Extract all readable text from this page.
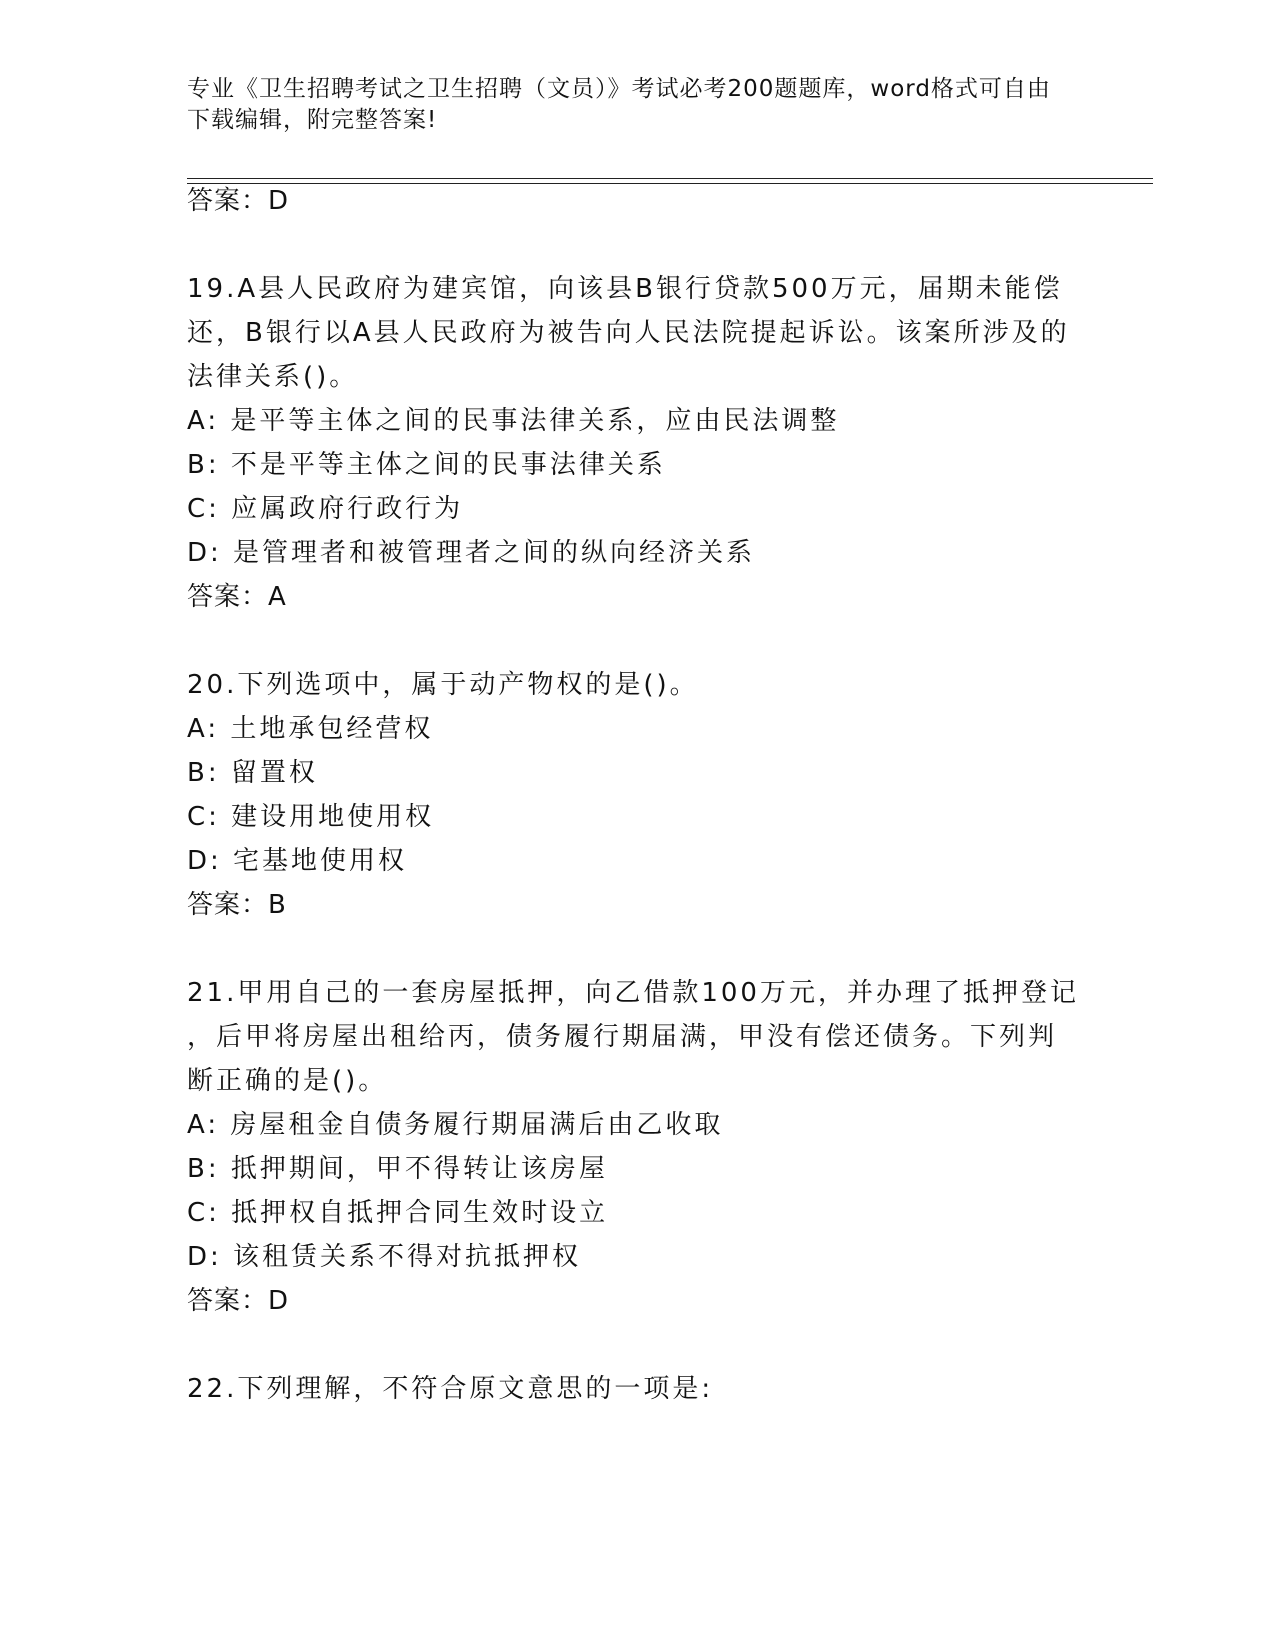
专业《卫生招聘考试之卫生招聘（文员）》考试必考200题题库，word格式可自由下载编辑，附完整答案!
答案：D
19.A县人民政府为建宾馆，向该县B银行贷款500万元，届期未能偿
还，B银行以A县人民政府为被告向人民法院提起诉讼。该案所涉及的
法律关系()。
A: 是平等主体之间的民事法律关系，应由民法调整
B: 不是平等主体之间的民事法律关系
C: 应属政府行政行为
D: 是管理者和被管理者之间的纵向经济关系
答案：A
20.下列选项中，属于动产物权的是()。
A: 土地承包经营权
B: 留置权
C: 建设用地使用权
D: 宅基地使用权
答案：B
21.甲用自己的一套房屋抵押，向乙借款100万元，并办理了抵押登记
，后甲将房屋出租给丙，债务履行期届满，甲没有偿还债务。下列判
断正确的是()。
A: 房屋租金自债务履行期届满后由乙收取
B: 抵押期间，甲不得转让该房屋
C: 抵押权自抵押合同生效时设立
D: 该租赁关系不得对抗抵押权
答案：D
22.下列理解，不符合原文意思的一项是:
